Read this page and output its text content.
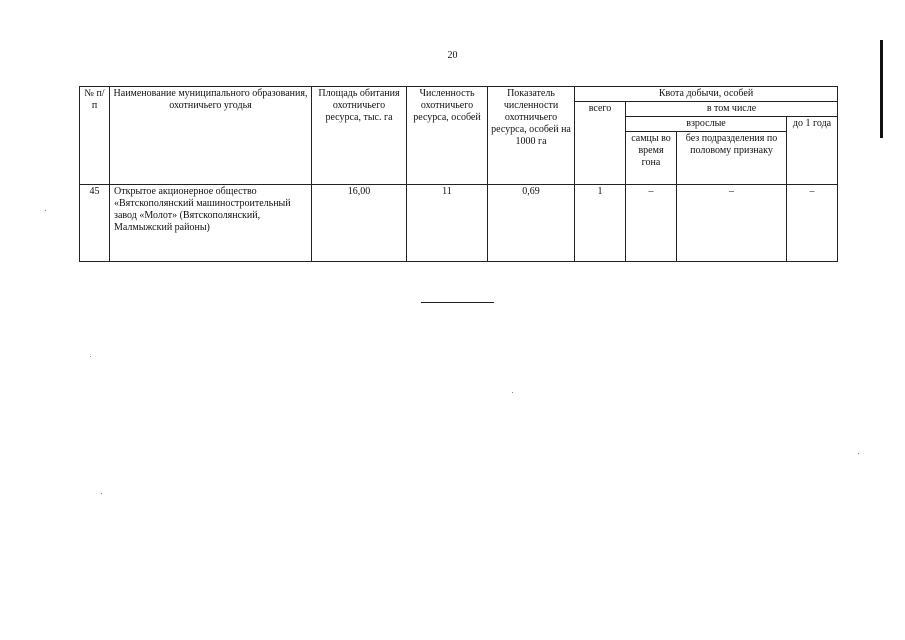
20
№ п/п	Наименование муниципального образования, охотничьего угодья	Площадь обитания охотничьего ресурса, тыс. га	Численность охотничьего ресурса, особей	Показатель численности охотничьего ресурса, особей на 1000 га	Квота добычи, особей			
					всего	в том числе		
						взрослые		до 1 года
						самцы во время гона	без подразделения по половому признаку	
45	Открытое акционерное общество «Вятскополянский машиностроительный завод «Молот» (Вятскополянский, Малмыжский районы)	16,00	11	0,69	1	–	–	–
